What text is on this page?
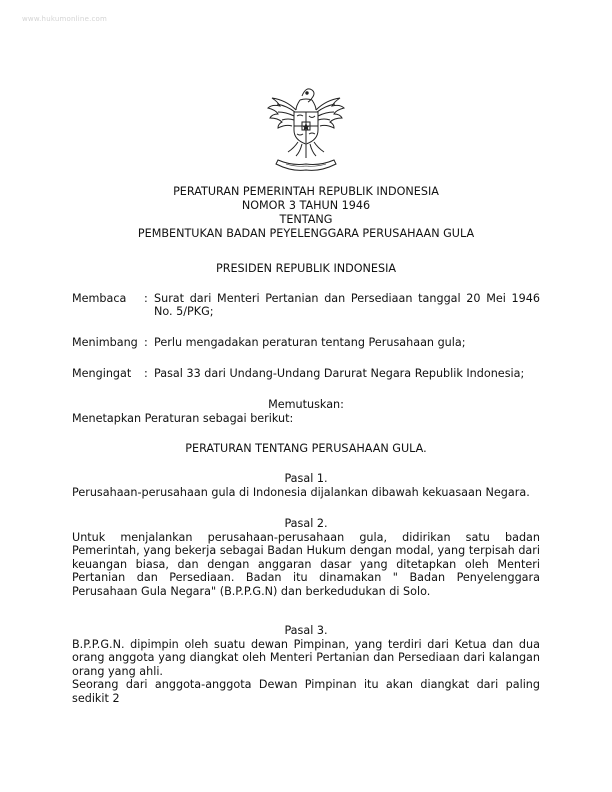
www.hukumonline.com
PERATURAN PEMERINTAH REPUBLIK INDONESIA
NOMOR 3 TAHUN 1946
TENTANG
PEMBENTUKAN BADAN PEYELENGGARA PERUSAHAAN GULA
PRESIDEN REPUBLIK INDONESIA
Membaca	: Surat dari Menteri Pertanian dan Persediaan tanggal 20 Mei 1946 No. 5/PKG;
Menimbang : Perlu mengadakan peraturan tentang Perusahaan gula;
Mengingat	: Pasal 33 dari Undang-Undang Darurat Negara Republik Indonesia;
Memutuskan:
Menetapkan Peraturan sebagai berikut:
PERATURAN TENTANG PERUSAHAAN GULA.
Pasal 1.

Perusahaan-perusahaan gula di Indonesia dijalankan dibawah kekuasaan Negara.

Pasal 2.

Untuk menjalankan perusahaan-perusahaan gula, didirikan satu badan Pemerintah, yang bekerja sebagai Badan Hukum dengan modal, yang terpisah dari keuangan biasa, dan dengan anggaran dasar yang ditetapkan oleh Menteri Pertanian dan Persediaan. Badan itu dinamakan " Badan Penyelenggara Perusahaan Gula Negara" (B.P.P.G.N) dan berkedudukan di Solo.

Pasal 3.

B.P.P.G.N. dipimpin oleh suatu dewan Pimpinan, yang terdiri dari Ketua dan dua orang anggota yang diangkat oleh Menteri Pertanian dan Persediaan dari kalangan orang yang ahli.

Seorang dari anggota-anggota Dewan Pimpinan itu akan diangkat dari paling sedikit 2
